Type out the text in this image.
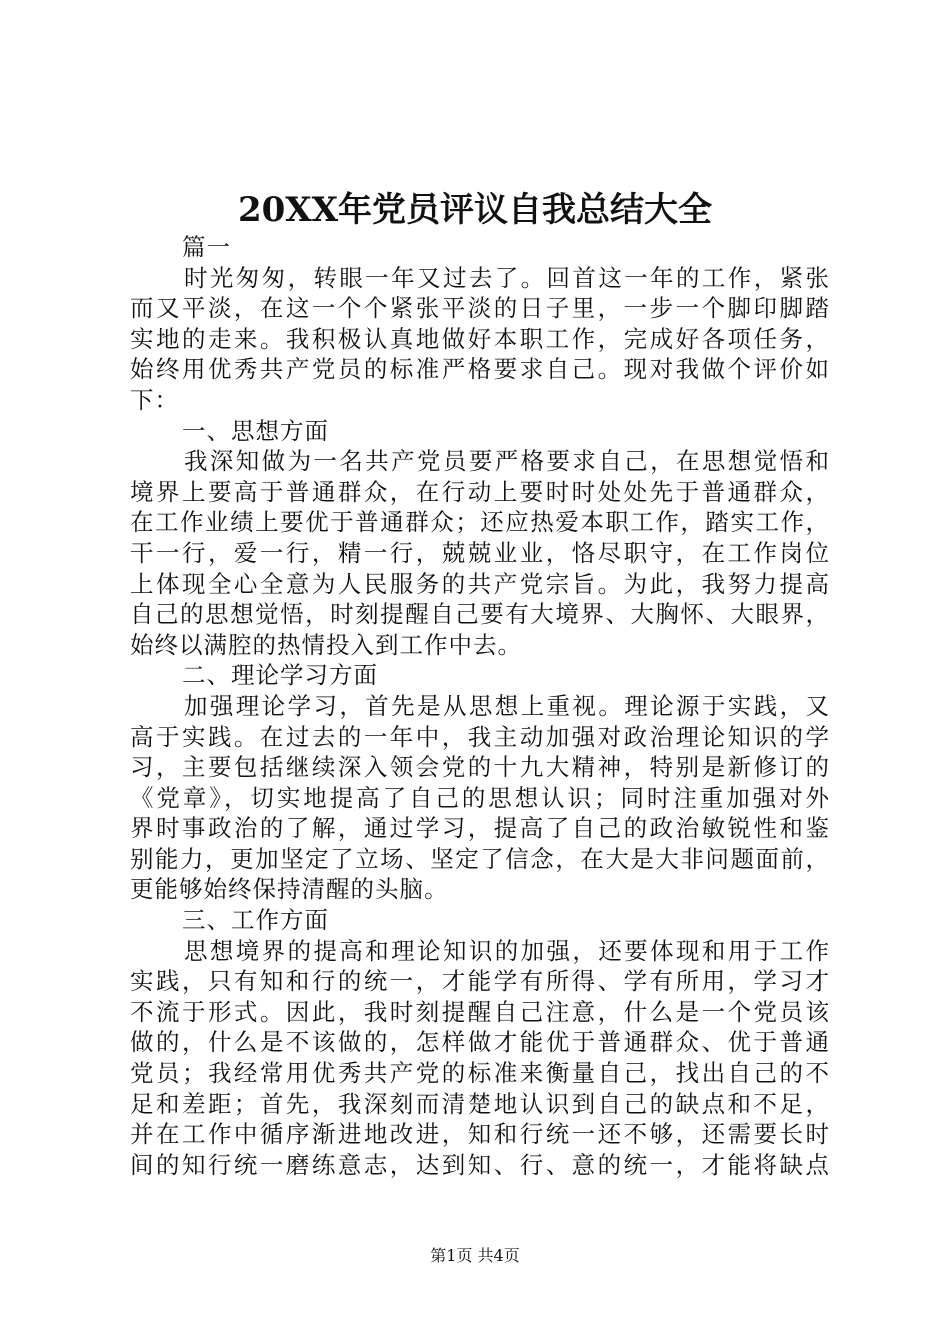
20XX年党员评议自我总结大全
篇一
时光匆匆，转眼一年又过去了。回首这一年的工作，紧张
而又平淡，在这一个个紧张平淡的日子里，一步一个脚印脚踏
实地的走来。我积极认真地做好本职工作，完成好各项任务，
始终用优秀共产党员的标准严格要求自己。现对我做个评价如
下：
一、思想方面
我深知做为一名共产党员要严格要求自己，在思想觉悟和
境界上要高于普通群众，在行动上要时时处处先于普通群众，
在工作业绩上要优于普通群众；还应热爱本职工作，踏实工作，
干一行，爱一行，精一行，兢兢业业，恪尽职守，在工作岗位
上体现全心全意为人民服务的共产党宗旨。为此，我努力提高
自己的思想觉悟，时刻提醒自己要有大境界、大胸怀、大眼界，
始终以满腔的热情投入到工作中去。
二、理论学习方面
加强理论学习，首先是从思想上重视。理论源于实践，又
高于实践。在过去的一年中，我主动加强对政治理论知识的学
习，主要包括继续深入领会党的十九大精神，特别是新修订的
《党章》，切实地提高了自己的思想认识；同时注重加强对外
界时事政治的了解，通过学习，提高了自己的政治敏锐性和鉴
别能力，更加坚定了立场、坚定了信念，在大是大非问题面前，
更能够始终保持清醒的头脑。
三、工作方面
思想境界的提高和理论知识的加强，还要体现和用于工作
实践，只有知和行的统一，才能学有所得、学有所用，学习才
不流于形式。因此，我时刻提醒自己注意，什么是一个党员该
做的，什么是不该做的，怎样做才能优于普通群众、优于普通
党员；我经常用优秀共产党的标准来衡量自己，找出自己的不
足和差距；首先，我深刻而清楚地认识到自己的缺点和不足，
并在工作中循序渐进地改进，知和行统一还不够，还需要长时
间的知行统一磨练意志，达到知、行、意的统一，才能将缺点
第1页 共4页
